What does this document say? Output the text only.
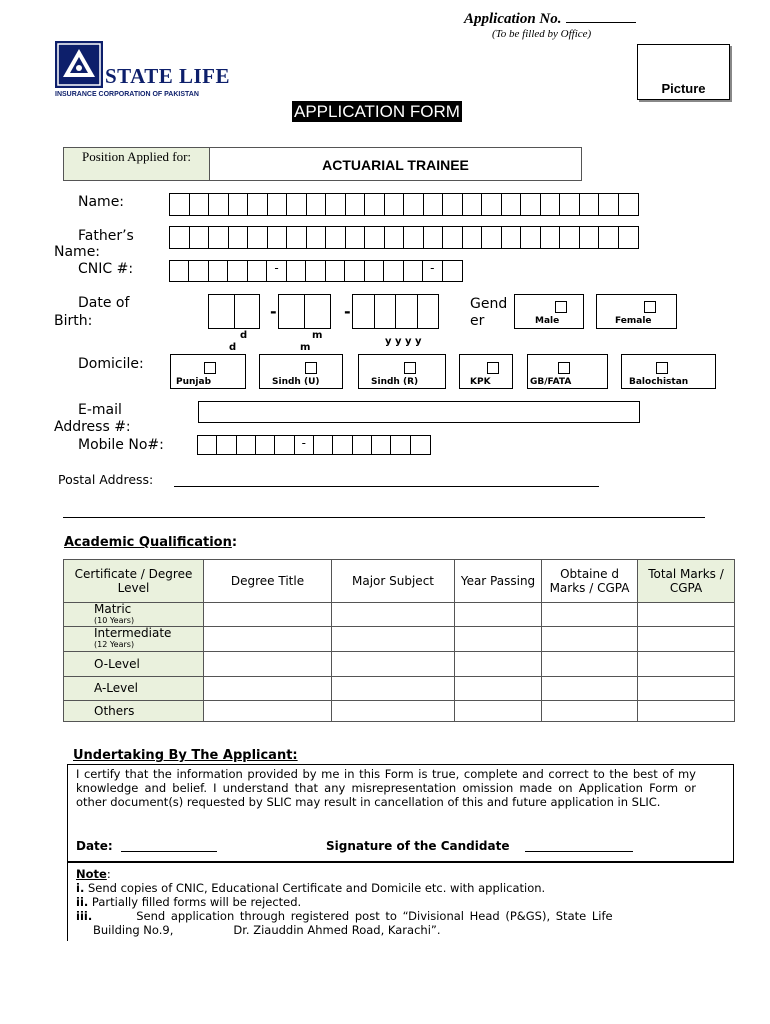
Application No.
(To be filled by Office)
STATE LIFE
INSURANCE CORPORATION OF PAKISTAN	Picture
APPLICATION FORM
Position Applied for:
ACTUARIAL TRAINEE
Name:
Father’s
Name:
CNIC #:	-	-
Date of
Birth:	-	-
d
d
m
m
y y y y
Gend
er	Male	Female
Domicile:
Punjab	Sindh (U)	Sindh (R)	KPK	GB/FATA	Balochistan
E-mail
Address #:
Mobile No#:	-
Postal Address:
Academic Qualification:
Certificate / Degree Level	Degree Title	Major Subject	Year Passing	Obtaine d Marks / CGPA	Total Marks / CGPA
Matric
(10 Years)					

Intermediate
(12 Years)					

O-Level					
A-Level					
Others					
Undertaking By The Applicant:
I certify that the information provided by me in this Form is true, complete and correct to the best of my knowledge and belief. I understand that any misrepresentation omission made on Application Form or other document(s) requested by SLIC may result in cancellation of this and future application in SLIC.
Date:	Signature of the Candidate
Note:
i. Send copies of CNIC, Educational Certificate and Domicile etc. with application.
ii. Partially filled forms will be rejected.
iii.	Send application through registered post to “Divisional Head (P&GS), State Life
Building No.9,	Dr. Ziauddin Ahmed Road, Karachi”.
